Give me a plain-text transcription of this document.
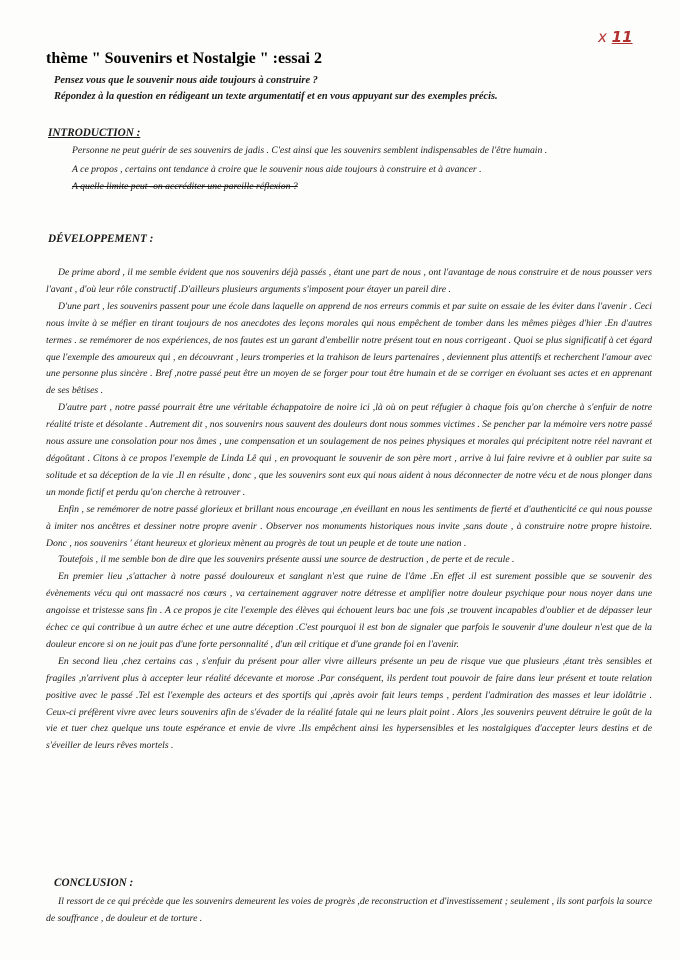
x 11
thème " Souvenirs et Nostalgie " :essai 2
Pensez vous que le souvenir nous aide toujours à construire ?
Répondez à la question en rédigeant un texte argumentatif et en vous appuyant sur des exemples précis.
INTRODUCTION :

Personne ne peut guérir de ses souvenirs de jadis . C'est ainsi que les souvenirs semblent indispensables de l'être humain .

A ce propos , certains ont tendance à croire que le souvenir nous aide toujours à construire et à avancer .

A quelle limite peut -on accréditer une pareille réflexion ?

DÉVELOPPEMENT :

De prime abord , il me semble évident que nos souvenirs déjà passés , étant une part de nous , ont l'avantage de nous construire et de nous pousser vers l'avant , d'où leur rôle constructif .D'ailleurs plusieurs arguments s'imposent pour étayer un pareil dire .

D'une part , les souvenirs passent pour une école dans laquelle on apprend de nos erreurs commis et par suite on essaie de les éviter dans l'avenir . Ceci nous invite à se méfier en tirant toujours de nos anecdotes des leçons morales qui nous empêchent de tomber dans les mêmes pièges d'hier .En d'autres termes . se remémorer de nos expériences, de nos fautes est un garant d'embellir notre présent tout en nous corrigeant . Quoi se plus significatif à cet égard que l'exemple des amoureux qui , en découvrant , leurs tromperies et la trahison de leurs partenaires , deviennent plus attentifs et recherchent l'amour avec une personne plus sincère . Bref ,notre passé peut être un moyen de se forger pour tout être humain et de se corriger en évoluant ses actes et en apprenant de ses bêtises .

D'autre part , notre passé pourrait être une véritable échappatoire de noire ici ,là où on peut réfugier à chaque fois qu'on cherche à s'enfuir de notre réalité triste et désolante . Autrement dit , nos souvenirs nous sauvent des douleurs dont nous sommes victimes . Se pencher par la mémoire vers notre passé nous assure une consolation pour nos âmes , une compensation et un soulagement de nos peines physiques et morales qui précipitent notre réel navrant et dégoûtant . Citons à ce propos l'exemple de Linda Lê qui , en provoquant le souvenir de son père mort , arrive à lui faire revivre et à oublier par suite sa solitude et sa déception de la vie .Il en résulte , donc , que les souvenirs sont eux qui nous aident à nous déconnecter de notre vécu et de nous plonger dans un monde fictif et perdu qu'on cherche à retrouver .

Enfin , se remémorer de notre passé glorieux et brillant nous encourage ,en éveillant en nous les sentiments de fierté et d'authenticité ce qui nous pousse à imiter nos ancêtres et dessiner notre propre avenir . Observer nos monuments historiques nous invite ,sans doute , à construire notre propre histoire. Donc , nos souvenirs ' étant heureux et glorieux mènent au progrès de tout un peuple et de toute une nation .

Toutefois , il me semble bon de dire que les souvenirs présente aussi une source de destruction , de perte et de recule .

En premier lieu ,s'attacher à notre passé douloureux et sanglant n'est que ruine de l'âme .En effet .il est surement possible que se souvenir des évènements vécu qui ont massacré nos cœurs , va certainement aggraver notre détresse et amplifier notre douleur psychique pour nous noyer dans une angoisse et tristesse sans fin . A ce propos je cite l'exemple des élèves qui échouent leurs bac une fois ,se trouvent incapables d'oublier et de dépasser leur échec ce qui contribue à un autre échec et une autre déception .C'est pourquoi il est bon de signaler que parfois le souvenir d'une douleur n'est que de la douleur encore si on ne jouit pas d'une forte personnalité , d'un œil critique et d'une grande foi en l'avenir.

En second lieu ,chez certains cas , s'enfuir du présent pour aller vivre ailleurs présente un peu de risque vue que plusieurs ,étant très sensibles et fragiles ,n'arrivent plus à accepter leur réalité décevante et morose .Par conséquent, ils perdent tout pouvoir de faire dans leur présent et toute relation positive avec le passé .Tel est l'exemple des acteurs et des sportifs qui ,après avoir fait leurs temps , perdent l'admiration des masses et leur idolâtrie . Ceux-ci préfèrent vivre avec leurs souvenirs afin de s'évader de la réalité fatale qui ne leurs plait point . Alors ,les souvenirs peuvent détruire le goût de la vie et tuer chez quelque uns toute espérance et envie de vivre .Ils empêchent ainsi les hypersensibles et les nostalgiques d'accepter leurs destins et de s'éveiller de leurs rêves mortels .

CONCLUSION :

Il ressort de ce qui précède que les souvenirs demeurent les voies de progrès ,de reconstruction et d'investissement ; seulement , ils sont parfois la source de souffrance , de douleur et de torture .
